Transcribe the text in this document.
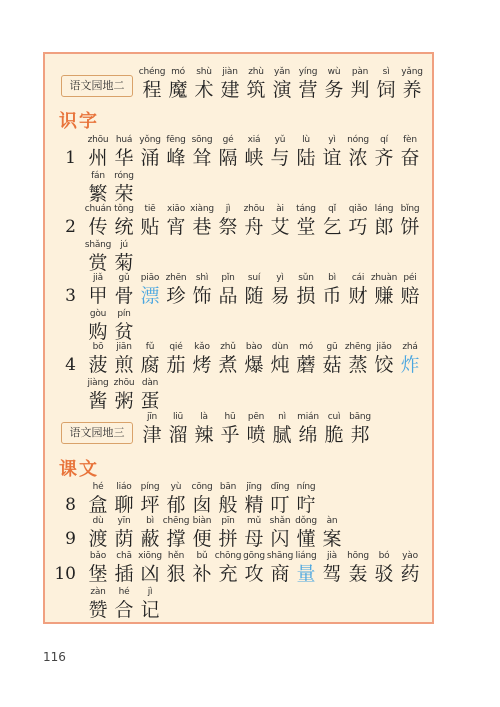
语文园地二
chéng
程
mó
魔
shù
术
jiàn
建
zhù
筑
yǎn
演
yíng
营
wù
务
pàn
判
sì
饲
yǎng
养
识字
1
zhōu
州
huá
华
yǒng
涌
fēng
峰
sōng
耸
gé
隔
xiá
峡
yǔ
与
lù
陆
yì
谊
nóng
浓
qí
齐
fèn
奋
fán
繁
róng
荣
2
chuán
传
tǒng
统
tiē
贴
xiāo
宵
xiàng
巷
jì
祭
zhōu
舟
ài
艾
táng
堂
qǐ
乞
qiǎo
巧
láng
郎
bǐng
饼
shǎng
赏
jú
菊
3
jiǎ
甲
gǔ
骨
piāo
漂
zhēn
珍
shì
饰
pǐn
品
suí
随
yì
易
sǔn
损
bì
币
cái
财
zhuàn
赚
péi
赔
gòu
购
pín
贫
4
bō
菠
jiān
煎
fǔ
腐
qié
茄
kǎo
烤
zhǔ
煮
bào
爆
dùn
炖
mó
蘑
gū
菇
zhēng
蒸
jiǎo
饺
zhá
炸
jiàng
酱
zhōu
粥
dàn
蛋
语文园地三
jīn
津
liū
溜
là
辣
hū
乎
pēn
喷
nì
腻
mián
绵
cuì
脆
bāng
邦
课文
8
hé
盒
liáo
聊
píng
坪
yù
郁
cōng
囱
bān
般
jīng
精
dīng
叮
níng
咛
9
dù
渡
yīn
荫
bì
蔽
chēng
撑
biàn
便
pīn
拼
mǔ
母
shǎn
闪
dǒng
懂
àn
案
10
bǎo
堡
chā
插
xiōng
凶
hěn
狠
bǔ
补
chōng
充
gōng
攻
shāng
商
liáng
量
jià
驾
hōng
轰
bó
驳
yào
药
zàn
赞
hé
合
jì
记
116
